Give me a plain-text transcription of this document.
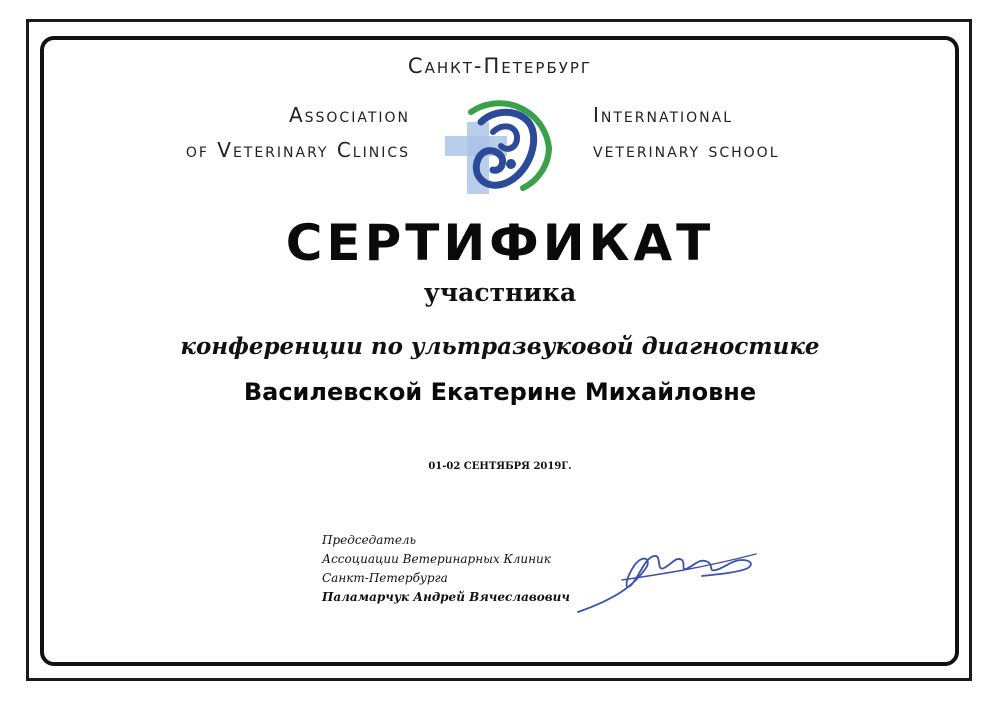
Санкт-Петербург
Association
of Veterinary Clinics
International
veterinary school
СЕРТИФИКАТ
участника
конференции по ультразвуковой диагностике
Василевской Екатерине Михайловне
01-02 СЕНТЯБРЯ 2019Г.
Председатель
Ассоциации Ветеринарных Клиник
Санкт-Петербурга
Паламарчук Андрей Вячеславович
